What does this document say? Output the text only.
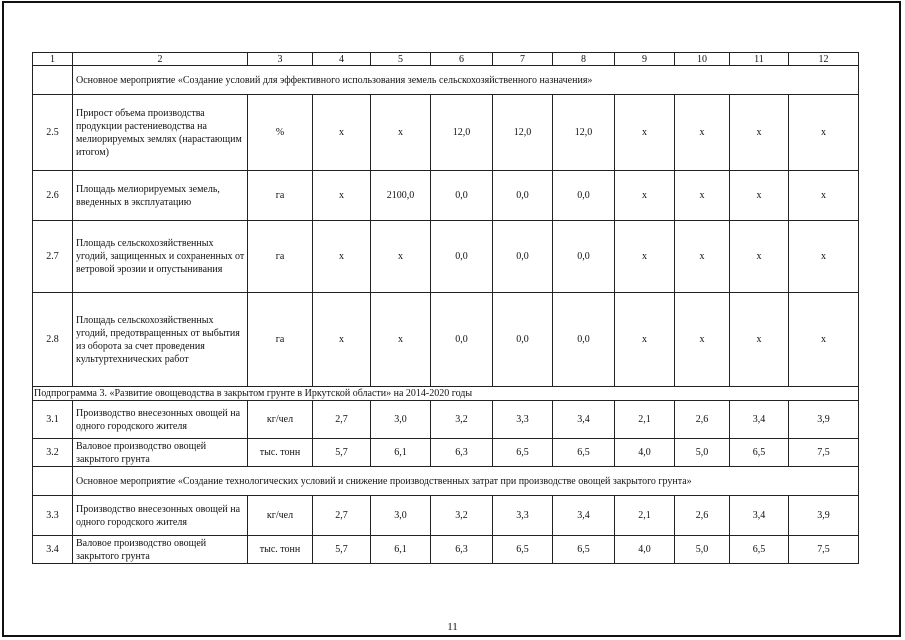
1	2	3	4	5	6	7	8	9	10	11	12
	Основное мероприятие «Создание условий для эффективного использования земель сельскохозяйственного назначения»										
2.5	Прирост объема производства продукции растениеводства на мелиорируемых землях (нарастающим итогом)	%	x	x	12,0	12,0	12,0	x	x	x	x
2.6	Площадь мелиорируемых земель, введенных в эксплуатацию	га	x	2100,0	0,0	0,0	0,0	x	x	x	x
2.7	Площадь сельскохозяйственных угодий, защищенных и сохраненных от ветровой эрозии и опустынивания	га	x	x	0,0	0,0	0,0	x	x	x	x
2.8	Площадь сельскохозяйственных угодий, предотвращенных от выбытия из оборота за счет проведения культуртехнических работ	га	x	x	0,0	0,0	0,0	x	x	x	x
Подпрограмма 3. «Развитие овощеводства в закрытом грунте в Иркутской области» на 2014-2020 годы											
3.1	Производство внесезонных овощей на одного городского жителя	кг/чел	2,7	3,0	3,2	3,3	3,4	2,1	2,6	3,4	3,9
3.2	Валовое производство овощей закрытого грунта	тыс. тонн	5,7	6,1	6,3	6,5	6,5	4,0	5,0	6,5	7,5
	Основное мероприятие «Создание технологических условий и снижение производственных затрат при производстве овощей закрытого грунта»										
3.3	Производство внесезонных овощей на одного городского жителя	кг/чел	2,7	3,0	3,2	3,3	3,4	2,1	2,6	3,4	3,9
3.4	Валовое производство овощей закрытого грунта	тыс. тонн	5,7	6,1	6,3	6,5	6,5	4,0	5,0	6,5	7,5
11
